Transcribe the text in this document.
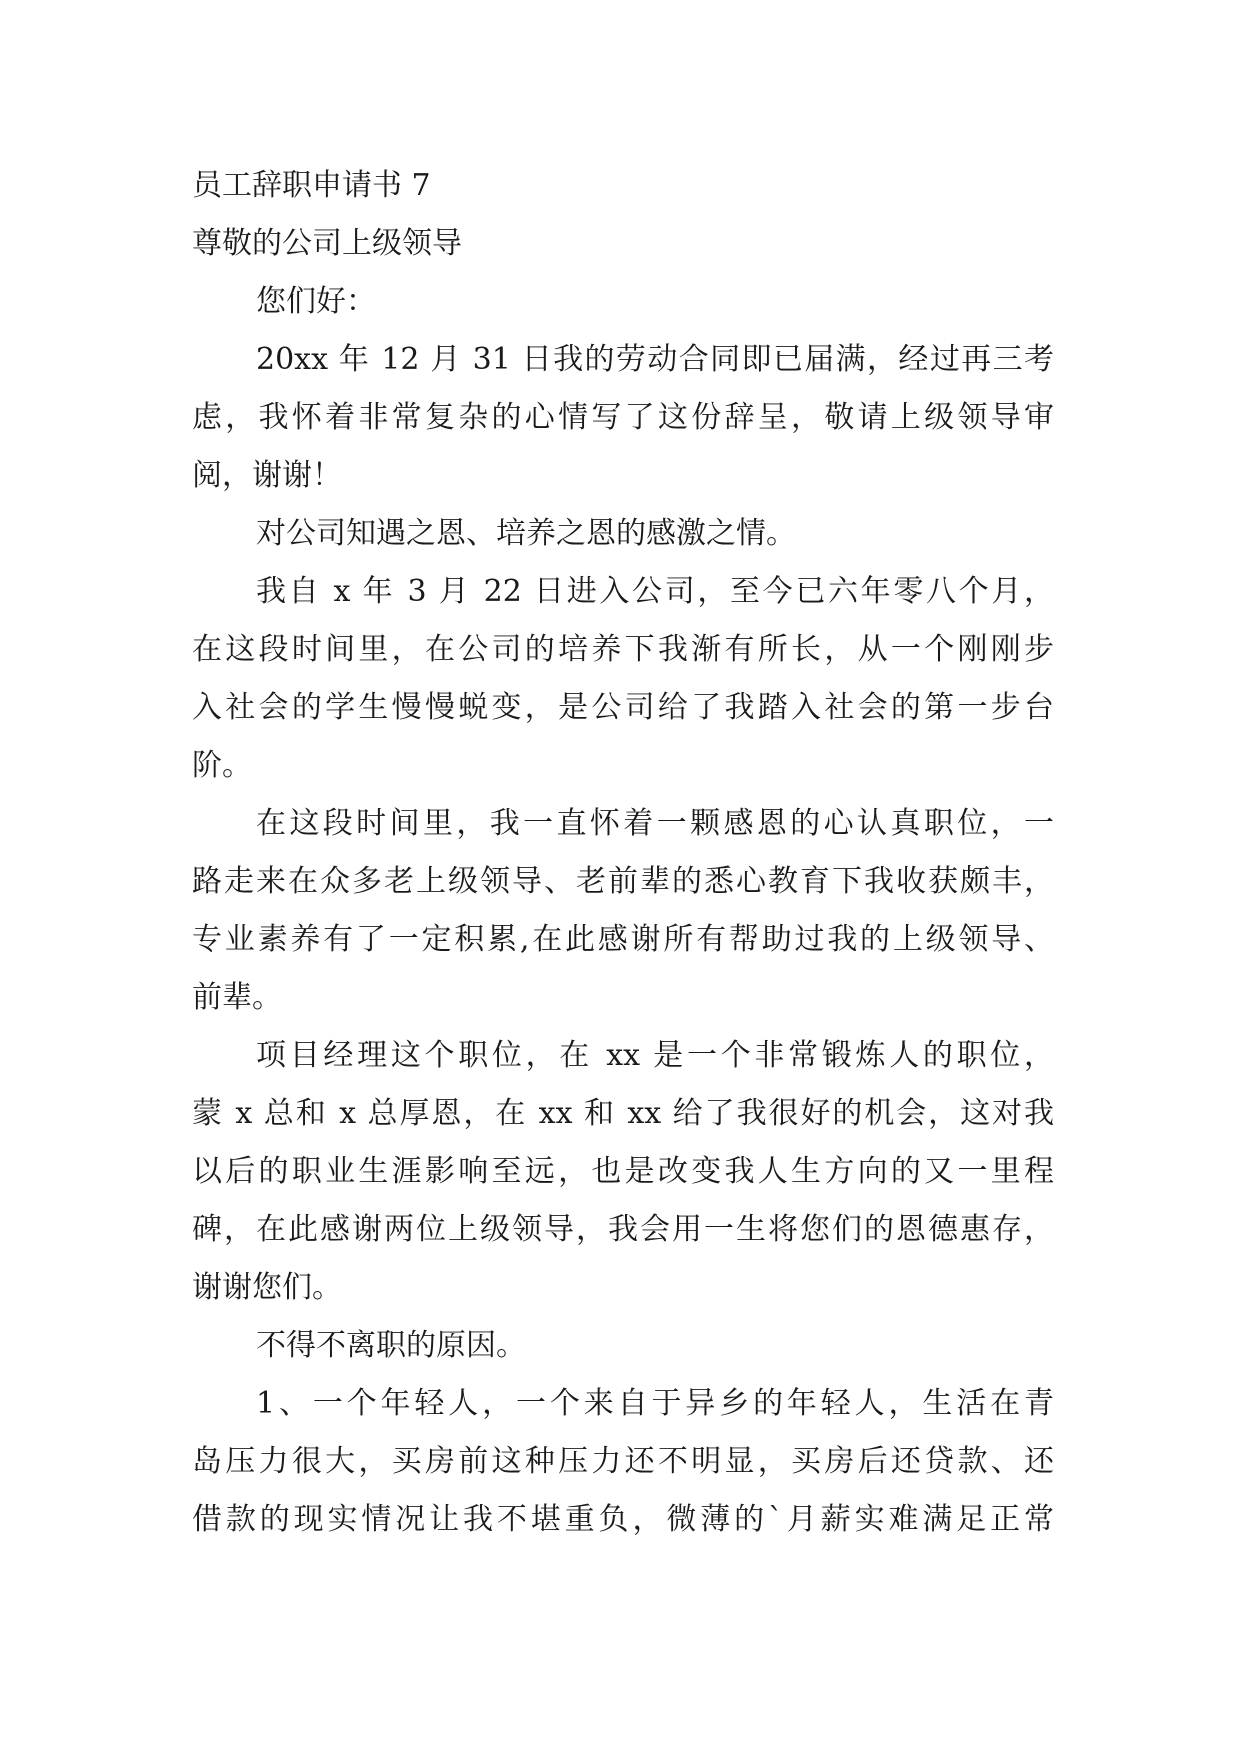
员工辞职申请书 7
尊敬的公司上级领导
您们好：
20xx 年 12 月 31 日我的劳动合同即已届满，经过再三考
虑，我怀着非常复杂的心情写了这份辞呈，敬请上级领导审
阅，谢谢！
对公司知遇之恩、培养之恩的感激之情。
我自 x 年 3 月 22 日进入公司，至今已六年零八个月，
在这段时间里，在公司的培养下我渐有所长，从一个刚刚步
入社会的学生慢慢蜕变，是公司给了我踏入社会的第一步台
阶。
在这段时间里，我一直怀着一颗感恩的心认真职位，一
路走来在众多老上级领导、老前辈的悉心教育下我收获颇丰，
专业素养有了一定积累,在此感谢所有帮助过我的上级领导、
前辈。
项目经理这个职位，在 xx 是一个非常锻炼人的职位，
蒙 x 总和 x 总厚恩，在 xx 和 xx 给了我很好的机会，这对我
以后的职业生涯影响至远，也是改变我人生方向的又一里程
碑，在此感谢两位上级领导，我会用一生将您们的恩德惠存，
谢谢您们。
不得不离职的原因。
1、一个年轻人，一个来自于异乡的年轻人，生活在青
岛压力很大，买房前这种压力还不明显，买房后还贷款、还
借款的现实情况让我不堪重负，微薄的`月薪实难满足正常
